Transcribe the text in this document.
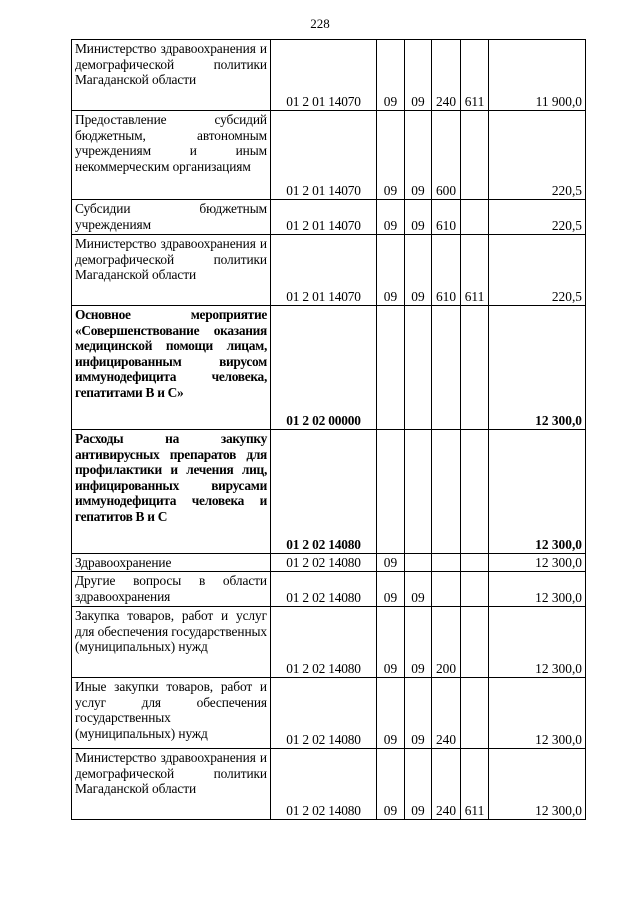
228
Министерство здравоохранения и демографической политики Магаданской области	01 2 01 14070	09	09	240	611	11 900,0
Предоставление субсидий бюджетным, автономным учреждениям и иным некоммерческим организациям	01 2 01 14070	09	09	600		220,5
Субсидии бюджетным учреждениям	01 2 01 14070	09	09	610		220,5
Министерство здравоохранения и демографической политики Магаданской области	01 2 01 14070	09	09	610	611	220,5
Основное мероприятие «Совершенствование оказания медицинской помощи лицам, инфицированным вирусом иммунодефицита человека, гепатитами В и С»	01 2 02 00000					12 300,0
Расходы на закупку антивирусных препаратов для профилактики и лечения лиц, инфицированных вирусами иммунодефицита человека и гепатитов В и С	01 2 02 14080					12 300,0
Здравоохранение	01 2 02 14080	09				12 300,0
Другие вопросы в области здравоохранения	01 2 02 14080	09	09			12 300,0
Закупка товаров, работ и услуг для обеспечения государственных (муниципальных) нужд	01 2 02 14080	09	09	200		12 300,0
Иные закупки товаров, работ и услуг для обеспечения государственных (муниципальных) нужд	01 2 02 14080	09	09	240		12 300,0
Министерство здравоохранения и демографической политики Магаданской области	01 2 02 14080	09	09	240	611	12 300,0
